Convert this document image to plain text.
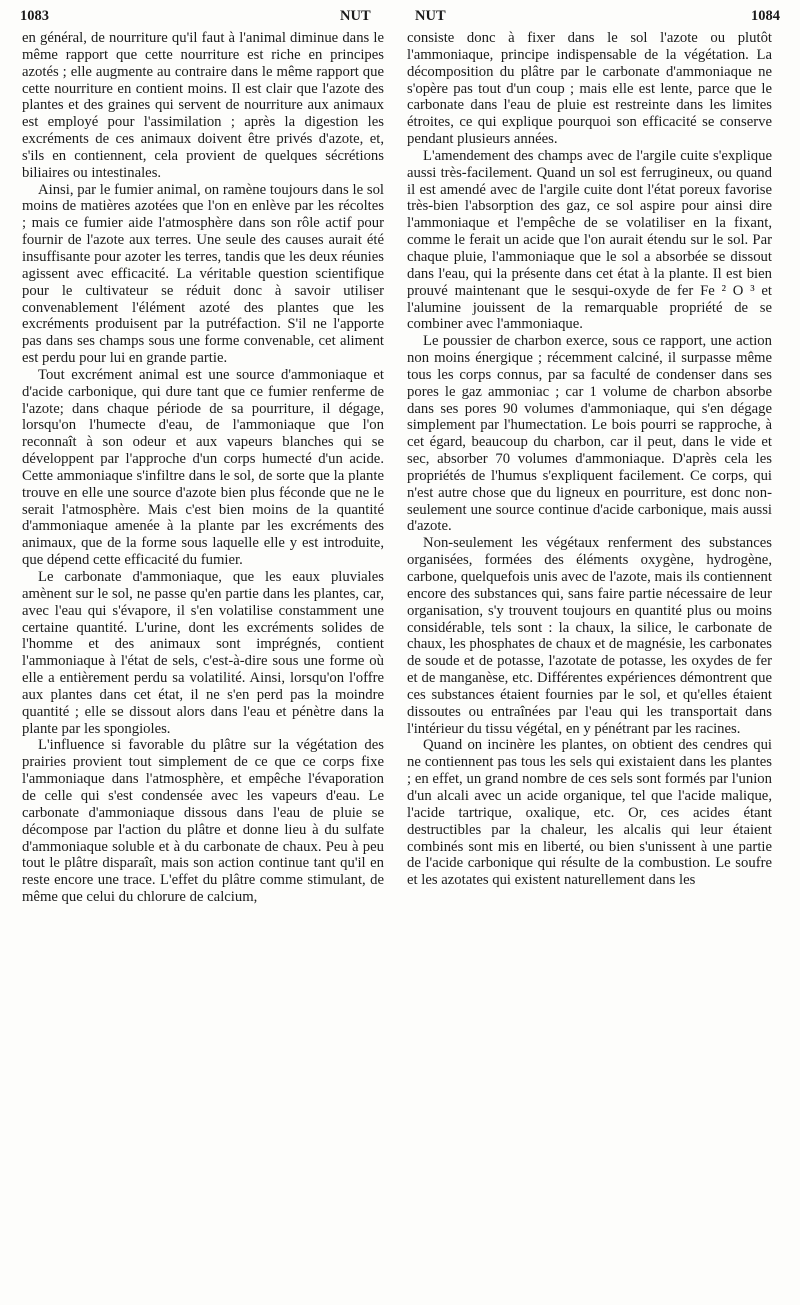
1083	NUT	NUT	1084

en général, de nourriture qu'il faut à l'animal diminue dans le même rapport que cette nourriture est riche en principes azotés ; elle augmente au contraire dans le même rapport que cette nourriture en contient moins. Il est clair que l'azote des plantes et des graines qui servent de nourriture aux animaux est employé pour l'assimilation ; après la digestion les excréments de ces animaux doivent être privés d'azote, et, s'ils en contiennent, cela provient de quelques sécrétions biliaires ou intestinales.

Ainsi, par le fumier animal, on ramène toujours dans le sol moins de matières azotées que l'on en enlève par les récoltes ; mais ce fumier aide l'atmosphère dans son rôle actif pour fournir de l'azote aux terres. Une seule des causes aurait été insuffisante pour azoter les terres, tandis que les deux réunies agissent avec efficacité. La véritable question scientifique pour le cultivateur se réduit donc à savoir utiliser convenablement l'élément azoté des plantes que les excréments produisent par la putréfaction. S'il ne l'apporte pas dans ses champs sous une forme convenable, cet aliment est perdu pour lui en grande partie.

Tout excrément animal est une source d'ammoniaque et d'acide carbonique, qui dure tant que ce fumier renferme de l'azote; dans chaque période de sa pourriture, il dégage, lorsqu'on l'humecte d'eau, de l'ammoniaque que l'on reconnaît à son odeur et aux vapeurs blanches qui se développent par l'approche d'un corps humecté d'un acide. Cette ammoniaque s'infiltre dans le sol, de sorte que la plante trouve en elle une source d'azote bien plus féconde que ne le serait l'atmosphère. Mais c'est bien moins de la quantité d'ammoniaque amenée à la plante par les excréments des animaux, que de la forme sous laquelle elle y est introduite, que dépend cette efficacité du fumier.

Le carbonate d'ammoniaque, que les eaux pluviales amènent sur le sol, ne passe qu'en partie dans les plantes, car, avec l'eau qui s'évapore, il s'en volatilise constamment une certaine quantité. L'urine, dont les excréments solides de l'homme et des animaux sont imprégnés, contient l'ammoniaque à l'état de sels, c'est-à-dire sous une forme où elle a entièrement perdu sa volatilité. Ainsi, lorsqu'on l'offre aux plantes dans cet état, il ne s'en perd pas la moindre quantité ; elle se dissout alors dans l'eau et pénètre dans la plante par les spongioles.

L'influence si favorable du plâtre sur la végétation des prairies provient tout simplement de ce que ce corps fixe l'ammoniaque dans l'atmosphère, et empêche l'évaporation de celle qui s'est condensée avec les vapeurs d'eau. Le carbonate d'ammoniaque dissous dans l'eau de pluie se décompose par l'action du plâtre et donne lieu à du sulfate d'ammoniaque soluble et à du carbonate de chaux. Peu à peu tout le plâtre disparaît, mais son action continue tant qu'il en reste encore une trace. L'effet du plâtre comme stimulant, de même que celui du chlorure de calcium,

consiste donc à fixer dans le sol l'azote ou plutôt l'ammoniaque, principe indispensable de la végétation. La décomposition du plâtre par le carbonate d'ammoniaque ne s'opère pas tout d'un coup ; mais elle est lente, parce que le carbonate dans l'eau de pluie est restreinte dans les limites étroites, ce qui explique pourquoi son efficacité se conserve pendant plusieurs années.

L'amendement des champs avec de l'argile cuite s'explique aussi très-facilement. Quand un sol est ferrugineux, ou quand il est amendé avec de l'argile cuite dont l'état poreux favorise très-bien l'absorption des gaz, ce sol aspire pour ainsi dire l'ammoniaque et l'empêche de se volatiliser en la fixant, comme le ferait un acide que l'on aurait étendu sur le sol. Par chaque pluie, l'ammoniaque que le sol a absorbée se dissout dans l'eau, qui la présente dans cet état à la plante. Il est bien prouvé maintenant que le sesqui-oxyde de fer Fe ² O ³ et l'alumine jouissent de la remarquable propriété de se combiner avec l'ammoniaque.

Le poussier de charbon exerce, sous ce rapport, une action non moins énergique ; récemment calciné, il surpasse même tous les corps connus, par sa faculté de condenser dans ses pores le gaz ammoniac ; car 1 volume de charbon absorbe dans ses pores 90 volumes d'ammoniaque, qui s'en dégage simplement par l'humectation. Le bois pourri se rapproche, à cet égard, beaucoup du charbon, car il peut, dans le vide et sec, absorber 70 volumes d'ammoniaque. D'après cela les propriétés de l'humus s'expliquent facilement. Ce corps, qui n'est autre chose que du ligneux en pourriture, est donc non-seulement une source continue d'acide carbonique, mais aussi d'azote.

Non-seulement les végétaux renferment des substances organisées, formées des éléments oxygène, hydrogène, carbone, quelquefois unis avec de l'azote, mais ils contiennent encore des substances qui, sans faire partie nécessaire de leur organisation, s'y trouvent toujours en quantité plus ou moins considérable, tels sont : la chaux, la silice, le carbonate de chaux, les phosphates de chaux et de magnésie, les carbonates de soude et de potasse, l'azotate de potasse, les oxydes de fer et de manganèse, etc. Différentes expériences démontrent que ces substances étaient fournies par le sol, et qu'elles étaient dissoutes ou entraînées par l'eau qui les transportait dans l'intérieur du tissu végétal, en y pénétrant par les racines.

Quand on incinère les plantes, on obtient des cendres qui ne contiennent pas tous les sels qui existaient dans les plantes ; en effet, un grand nombre de ces sels sont formés par l'union d'un alcali avec un acide organique, tel que l'acide malique, l'acide tartrique, oxalique, etc. Or, ces acides étant destructibles par la chaleur, les alcalis qui leur étaient combinés sont mis en liberté, ou bien s'unissent à une partie de l'acide carbonique qui résulte de la combustion. Le soufre et les azotates qui existent naturellement dans les
